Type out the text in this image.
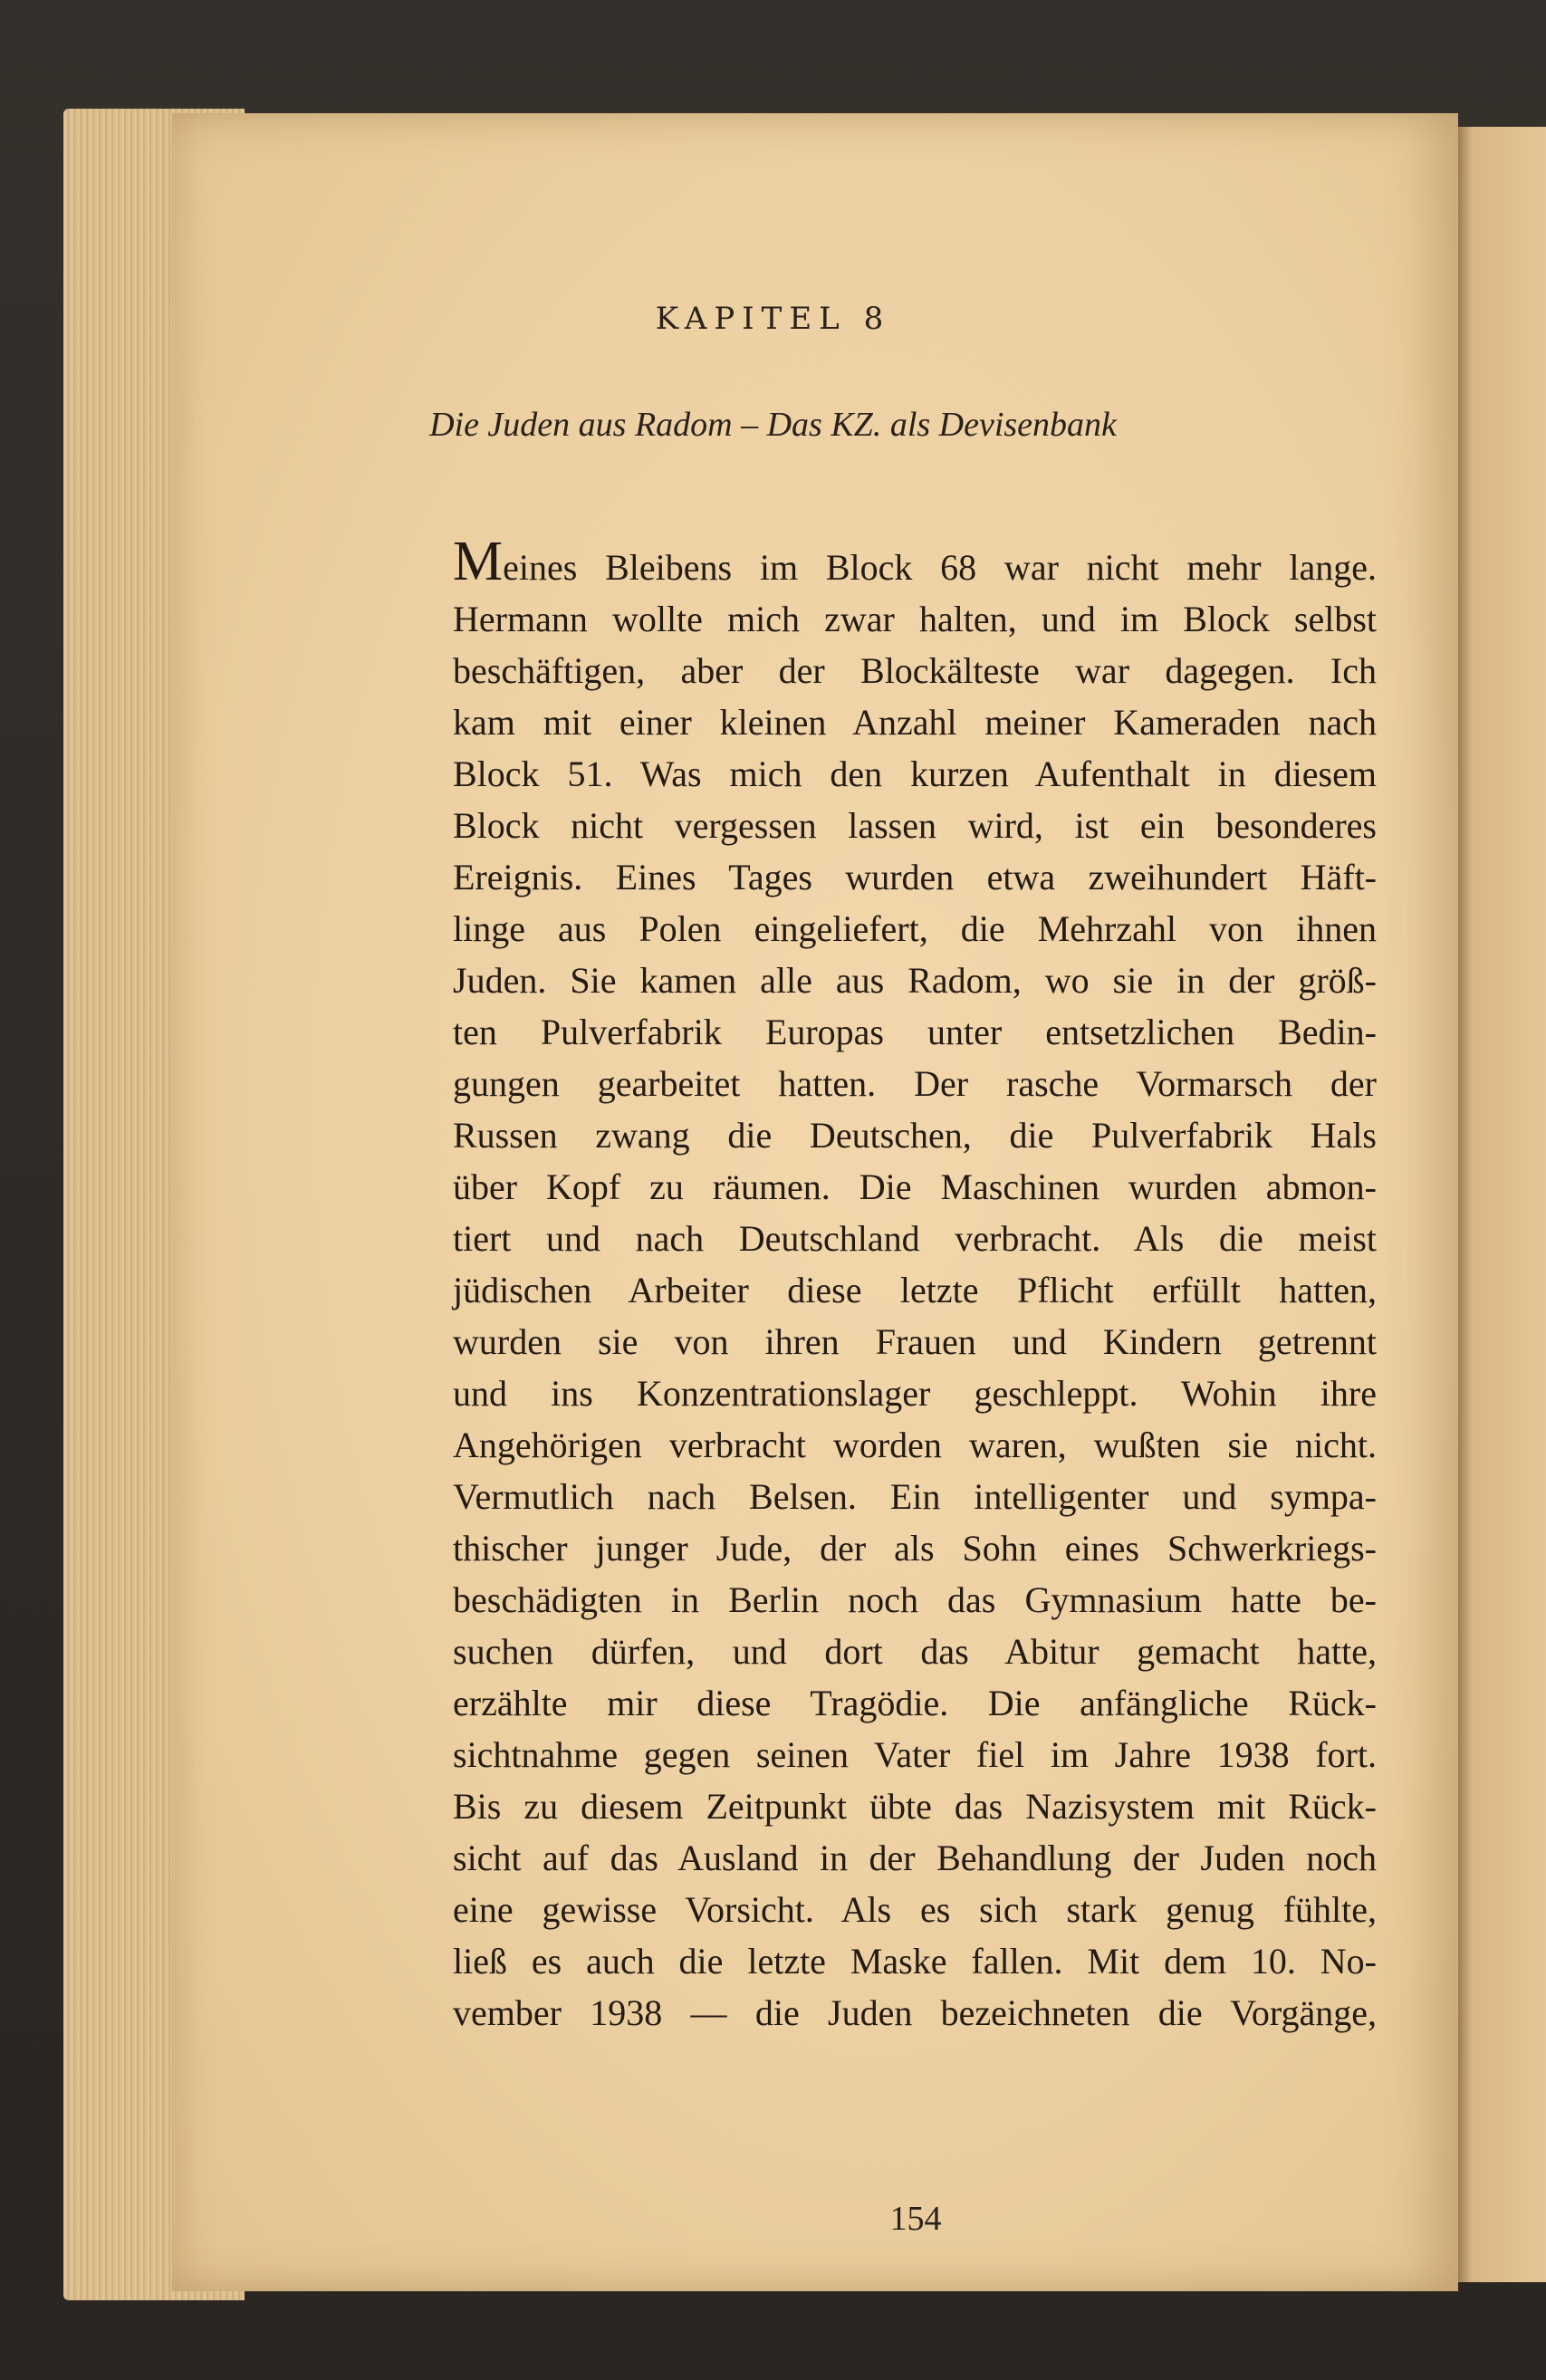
KAPITEL 8
Die Juden aus Radom – Das KZ. als Devisenbank
Meines Bleibens im Block 68 war nicht mehr lange.
Hermann wollte mich zwar halten, und im Block selbst
beschäftigen, aber der Blockälteste war dagegen. Ich
kam mit einer kleinen Anzahl meiner Kameraden nach
Block 51. Was mich den kurzen Aufenthalt in diesem
Block nicht vergessen lassen wird, ist ein besonderes
Ereignis. Eines Tages wurden etwa zweihundert Häft-
linge aus Polen eingeliefert, die Mehrzahl von ihnen
Juden. Sie kamen alle aus Radom, wo sie in der größ-
ten Pulverfabrik Europas unter entsetzlichen Bedin-
gungen gearbeitet hatten. Der rasche Vormarsch der
Russen zwang die Deutschen, die Pulverfabrik Hals
über Kopf zu räumen. Die Maschinen wurden abmon-
tiert und nach Deutschland verbracht. Als die meist
jüdischen Arbeiter diese letzte Pflicht erfüllt hatten,
wurden sie von ihren Frauen und Kindern getrennt
und ins Konzentrationslager geschleppt. Wohin ihre
Angehörigen verbracht worden waren, wußten sie nicht.
Vermutlich nach Belsen. Ein intelligenter und sympa-
thischer junger Jude, der als Sohn eines Schwerkriegs-
beschädigten in Berlin noch das Gymnasium hatte be-
suchen dürfen, und dort das Abitur gemacht hatte,
erzählte mir diese Tragödie. Die anfängliche Rück-
sichtnahme gegen seinen Vater fiel im Jahre 1938 fort.
Bis zu diesem Zeitpunkt übte das Nazisystem mit Rück-
sicht auf das Ausland in der Behandlung der Juden noch
eine gewisse Vorsicht. Als es sich stark genug fühlte,
ließ es auch die letzte Maske fallen. Mit dem 10. No-
vember 1938 — die Juden bezeichneten die Vorgänge,
154
